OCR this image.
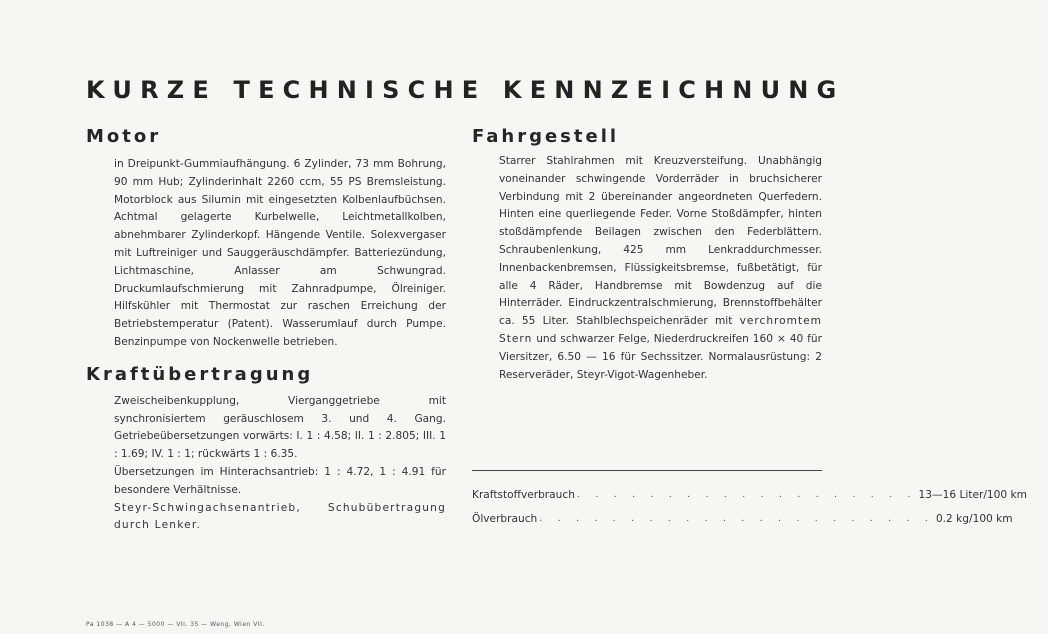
KURZE TECHNISCHE KENNZEICHNUNG
Motor

in Dreipunkt-Gummiaufhängung. 6 Zylinder, 73 mm Bohrung, 90 mm Hub; Zylinderinhalt 2260 ccm, 55 PS Bremsleistung. Motorblock aus Silumin mit eingesetzten Kolbenlaufbüchsen. Achtmal gelagerte Kurbelwelle, Leichtmetallkolben, abnehmbarer Zylinderkopf. Hängende Ventile. Solexvergaser mit Luftreiniger und Sauggeräuschdämpfer. Batteriezündung, Lichtmaschine, Anlasser am Schwungrad. Druckumlaufschmierung mit Zahnradpumpe, Ölreiniger. Hilfskühler mit Thermostat zur raschen Erreichung der Betriebstemperatur (Patent). Wasserumlauf durch Pumpe. Benzinpumpe von Nockenwelle betrieben.

Kraftübertragung

Zweischeibenkupplung, Vierganggetriebe mit synchronisiertem geräuschlosem 3. und 4. Gang. Getriebeübersetzungen vorwärts: I. 1 : 4.58; II. 1 : 2.805; III. 1 : 1.69; IV. 1 : 1; rückwärts 1 : 6.35.

Übersetzungen im Hinterachsantrieb: 1 : 4.72, 1 : 4.91 für besondere Verhältnisse.

Steyr-Schwingachsenantrieb, Schubübertragung durch Lenker.

Fahrgestell

Starrer Stahlrahmen mit Kreuzversteifung. Unabhängig voneinander schwingende Vorderräder in bruchsicherer Verbindung mit 2 übereinander angeordneten Querfedern. Hinten eine querliegende Feder. Vorne Stoßdämpfer, hinten stoßdämpfende Beilagen zwischen den Federblättern. Schraubenlenkung, 425 mm Lenkraddurchmesser. Innenbackenbremsen, Flüssigkeitsbremse, fußbetätigt, für alle 4 Räder, Handbremse mit Bowdenzug auf die Hinterräder. Eindruckzentralschmierung, Brennstoffbehälter ca. 55 Liter. Stahlblechspeichenräder mit verchromtem Stern und schwarzer Felge, Niederdruckreifen 160 × 40 für Viersitzer, 6.50 — 16 für Sechssitzer. Normalausrüstung: 2 Reserveräder, Steyr-Vigot-Wagenheber.

Kraftstoffverbrauch . . . . . . . . . . . . . . . . . . . 13—16 Liter/100 km
Ölverbrauch . . . . . . . . . . . . . . . . . . . . . . 0.2 kg/100 km
Pa 1038 — A 4 — 5000 — VII. 35 — Weng, Wien VII.
